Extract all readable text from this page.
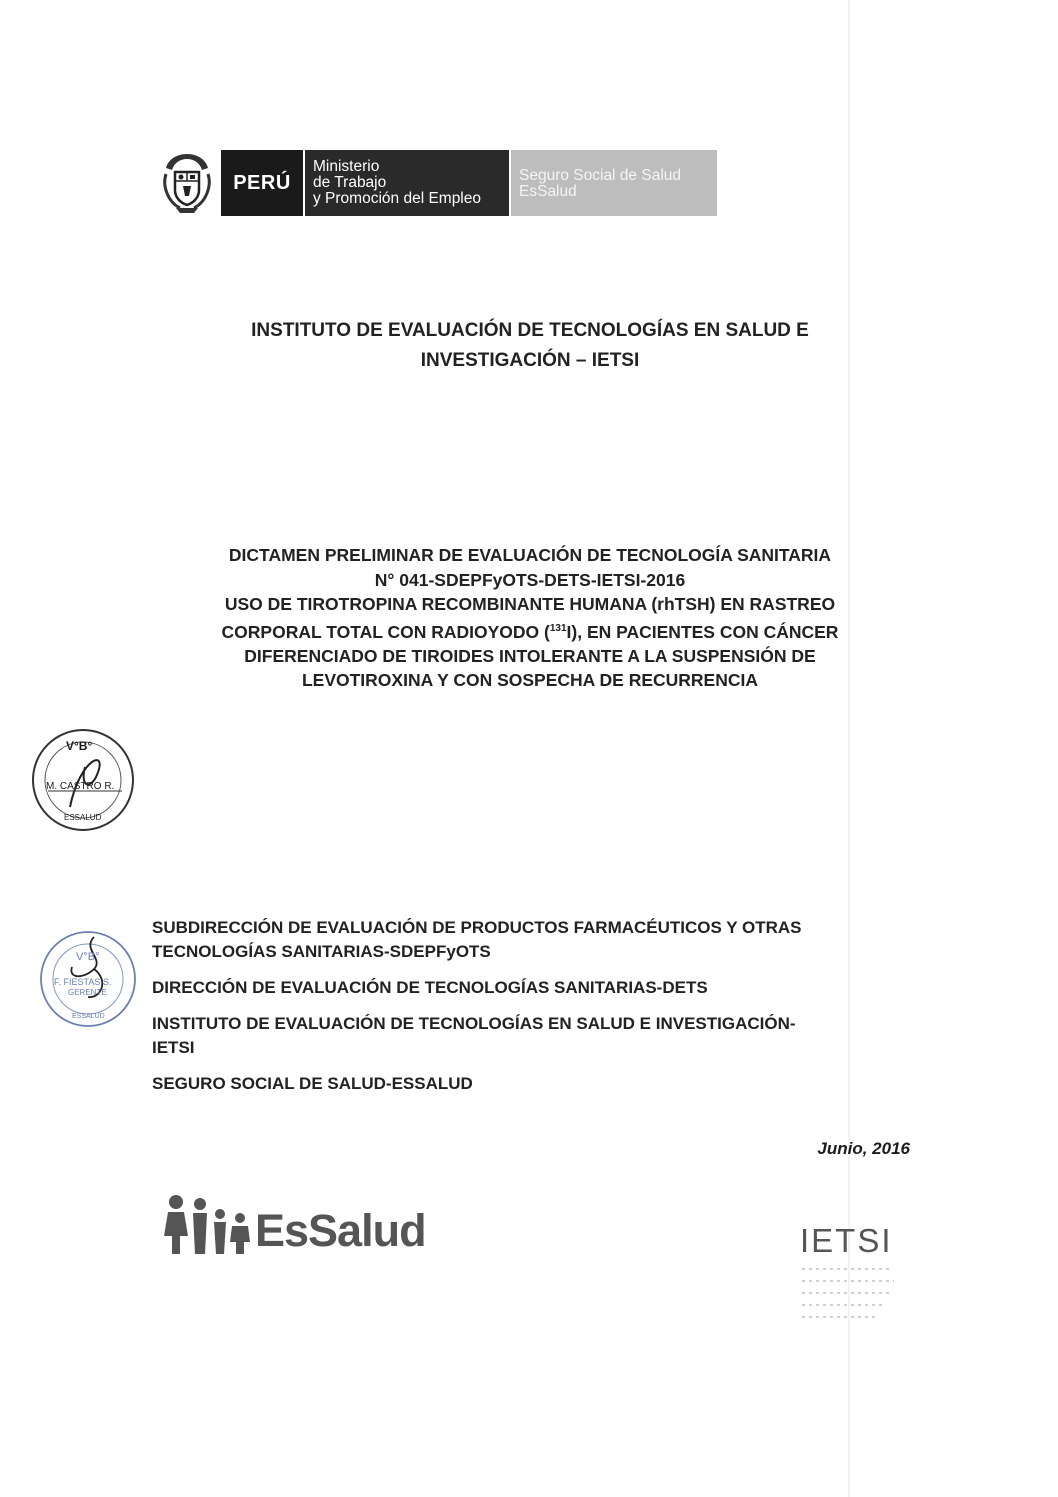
PERÚ
Ministerio
de Trabajo
y Promoción del Empleo
Seguro Social de Salud
EsSalud
INSTITUTO DE EVALUACIÓN DE TECNOLOGÍAS EN SALUD E
INVESTIGACIÓN – IETSI
DICTAMEN PRELIMINAR DE EVALUACIÓN DE TECNOLOGÍA SANITARIA
N° 041-SDEPFyOTS-DETS-IETSI-2016
USO DE TIROTROPINA RECOMBINANTE HUMANA (rhTSH) EN RASTREO
CORPORAL TOTAL CON RADIOYODO ($^{131}$I), EN PACIENTES CON CÁNCER
DIFERENCIADO DE TIROIDES INTOLERANTE A LA SUSPENSIÓN DE
LEVOTIROXINA Y CON SOSPECHA DE RECURRENCIA
V°B°
M. CASTRO R.
ESSALUD
V°B°
F. FIESTAS S.
GERENTE
ESSALUD
SUBDIRECCIÓN DE EVALUACIÓN DE PRODUCTOS FARMACÉUTICOS Y OTRAS
TECNOLOGÍAS SANITARIAS-SDEPFyOTS
DIRECCIÓN DE EVALUACIÓN DE TECNOLOGÍAS SANITARIAS-DETS
INSTITUTO DE EVALUACIÓN DE TECNOLOGÍAS EN SALUD E INVESTIGACIÓN-
IETSI
SEGURO SOCIAL DE SALUD-ESSALUD
Junio, 2016
EsSalud	IETSI
